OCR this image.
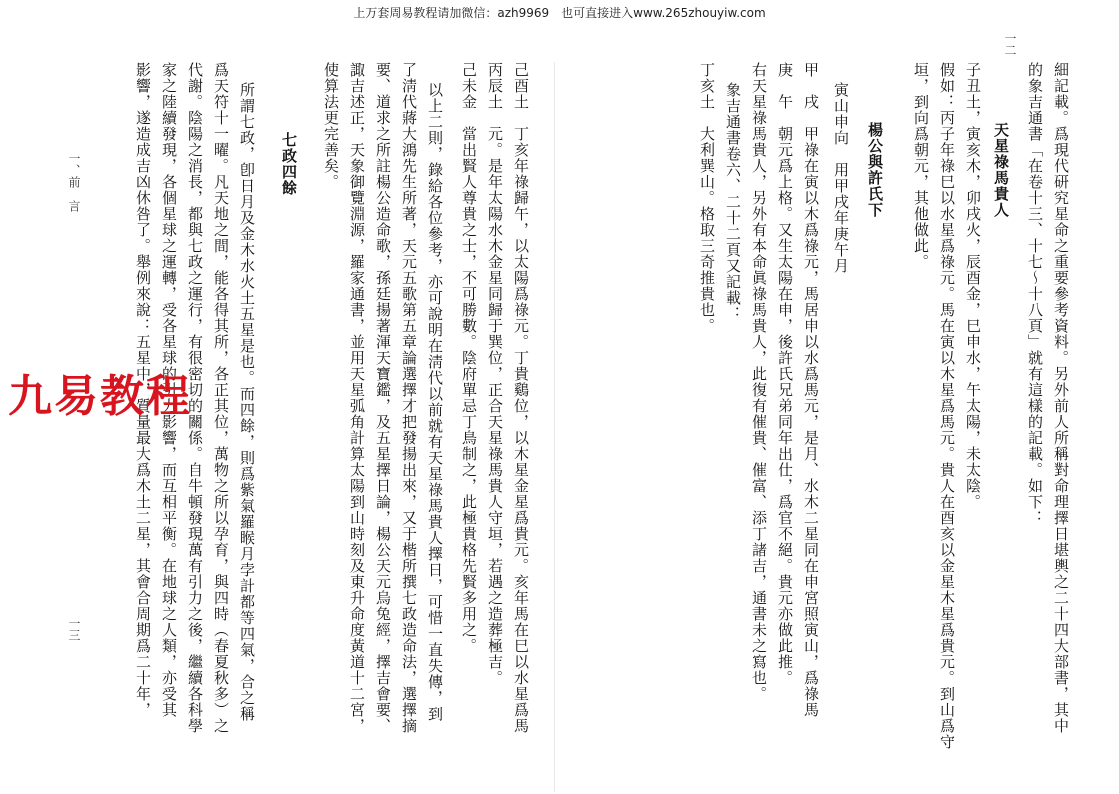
上万套周易教程请加微信：azh9969　也可直接进入www.265zhouyiw.com
一二
細記載。爲現代研究星命之重要參考資料。另外前人所稱對命理擇日堪輿之二十四大部書，其中
的象吉通書「在卷十三、十七～十八頁」就有這樣的記載。如下：
天星祿馬貴人
子丑土，寅亥木，卯戌火，辰酉金，巳申水，午太陽，未太陰。
假如：丙子年祿巳以水星爲祿元。馬在寅以木星爲馬元。貴人在酉亥以金星木星爲貴元。到山爲守
垣，到向爲朝元，其他做此。
楊公與許氏下
寅山申向　用甲戌年庚午月
甲　戌　甲祿在寅以木爲祿元，馬居申以水爲馬元，是月、水木二星同在申宮照寅山，爲祿馬
庚　午　朝元爲上格。又生太陽在申，後許氏兄弟同年出仕，爲官不絕。貴元亦做此推。
右天星祿馬貴人，另外有本命眞祿馬貴人，此復有催貴、催富、添丁諸吉，通書未之寫也。
象吉通書卷六、二十二頁又記載：
丁亥土　大利巽山。格取三奇推貴也。
己酉土　丁亥年祿歸午，以太陽爲祿元。丁貴鷄位，以木星金星爲貴元。亥年馬在巳以水星爲馬
丙辰土　元。是年太陽水木金星同歸于巽位，正合天星祿馬貴人守垣，若遇之造葬極吉。
己未金　當出賢人尊貴之士，不可勝數。陰府單忌丁鳥制之，此極貴格先賢多用之。
以上二則，錄給各位參考，亦可說明在淸代以前就有天星祿馬貴人擇日，可惜一直失傳，到
了淸代蔣大鴻先生所著，天元五歌第五章論選擇才把發揚出來，又于楷所撰七政造命法，選擇摘
要、道求之所註楊公造命歌，孫廷揚著渾天寶鑑，及五星擇日論，楊公天元烏兔經，擇吉會要、
諏吉述正，天象御覽淵源，羅家通書，並用天星弧角計算太陽到山時刻及東升命度黃道十二宮，
使算法更完善矣。
七政四餘
所謂七政，卽日月及金木水火土五星是也。而四餘，則爲紫氣羅睺月孛計都等四氣，合之稱
爲天符十一曜。凡天地之間，能各得其所，各正其位，萬物之所以孕育，與四時（春夏秋多）之
代謝。陰陽之消長，都與七政之運行，有很密切的關係。自牛頓發現萬有引力之後，繼續各科學
家之陸續發現，各個星球之運轉，受各星球的引力影響，而互相平衡。在地球之人類，亦受其
影響，遂造成吉凶休咎了。舉例來說：五星中，質量最大爲木土二星，其會合周期爲二十年，
一三
一、前　言
九易教程
